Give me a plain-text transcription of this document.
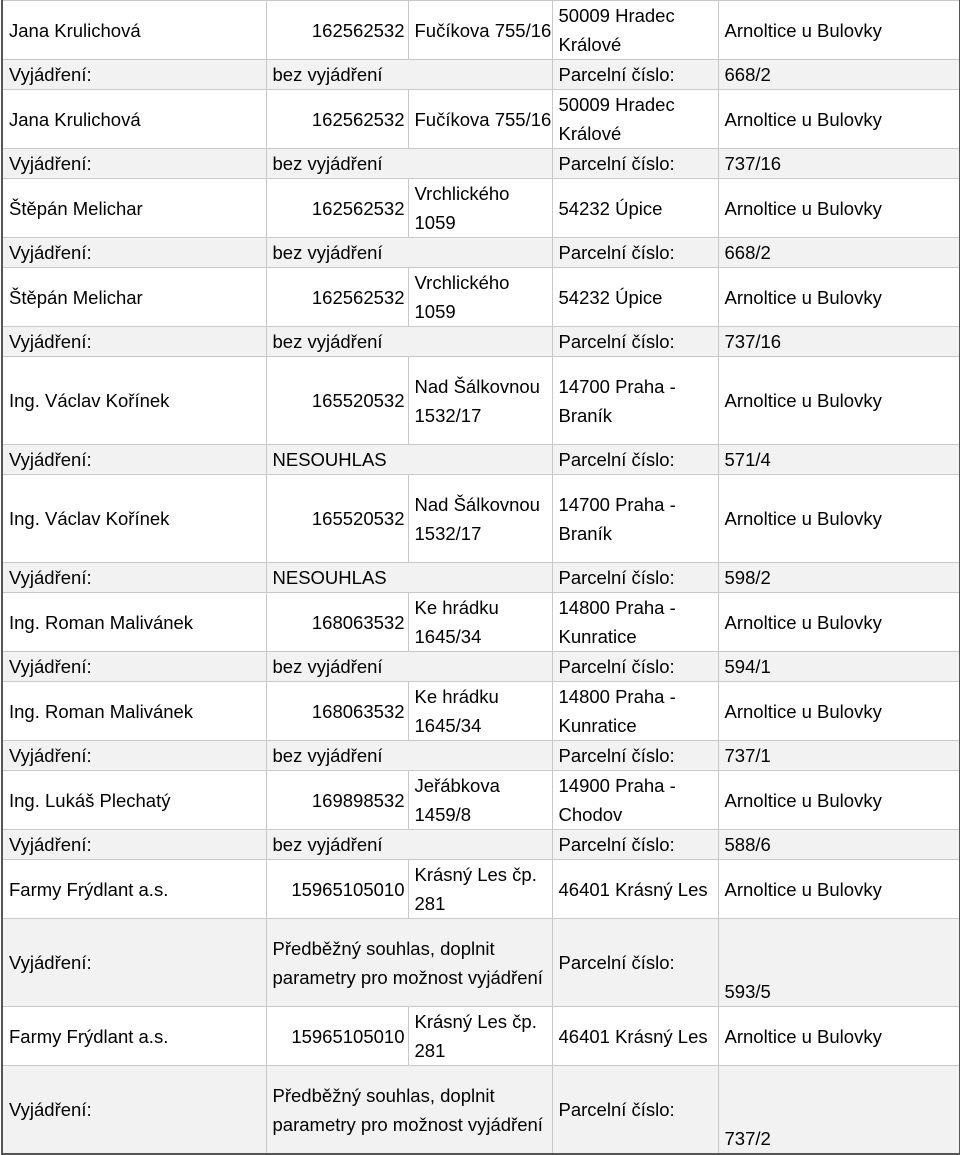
Jana Krulichová	162562532	Fučíkova 755/16	50009 Hradec Králové	Arnoltice u Bulovky
Vyjádření:	bez vyjádření		Parcelní číslo:	668/2
Jana Krulichová	162562532	Fučíkova 755/16	50009 Hradec Králové	Arnoltice u Bulovky
Vyjádření:	bez vyjádření		Parcelní číslo:	737/16
Štěpán Melichar	162562532	Vrchlického 1059	54232 Úpice	Arnoltice u Bulovky
Vyjádření:	bez vyjádření		Parcelní číslo:	668/2
Štěpán Melichar	162562532	Vrchlického 1059	54232 Úpice	Arnoltice u Bulovky
Vyjádření:	bez vyjádření		Parcelní číslo:	737/16
Ing. Václav Kořínek	165520532	Nad Šálkovnou 1532/17	14700 Praha - Braník	Arnoltice u Bulovky
Vyjádření:	NESOUHLAS		Parcelní číslo:	571/4
Ing. Václav Kořínek	165520532	Nad Šálkovnou 1532/17	14700 Praha - Braník	Arnoltice u Bulovky
Vyjádření:	NESOUHLAS		Parcelní číslo:	598/2
Ing. Roman Malivánek	168063532	Ke hrádku 1645/34	14800 Praha - Kunratice	Arnoltice u Bulovky
Vyjádření:	bez vyjádření		Parcelní číslo:	594/1
Ing. Roman Malivánek	168063532	Ke hrádku 1645/34	14800 Praha - Kunratice	Arnoltice u Bulovky
Vyjádření:	bez vyjádření		Parcelní číslo:	737/1
Ing. Lukáš Plechatý	169898532	Jeřábkova 1459/8	14900 Praha - Chodov	Arnoltice u Bulovky
Vyjádření:	bez vyjádření		Parcelní číslo:	588/6
Farmy Frýdlant a.s.	15965105010	Krásný Les čp. 281	46401 Krásný Les	Arnoltice u Bulovky
Vyjádření:	Předběžný souhlas, doplnit parametry pro možnost vyjádření		Parcelní číslo:	593/5
Farmy Frýdlant a.s.	15965105010	Krásný Les čp. 281	46401 Krásný Les	Arnoltice u Bulovky
Vyjádření:	Předběžný souhlas, doplnit parametry pro možnost vyjádření		Parcelní číslo:	737/2
